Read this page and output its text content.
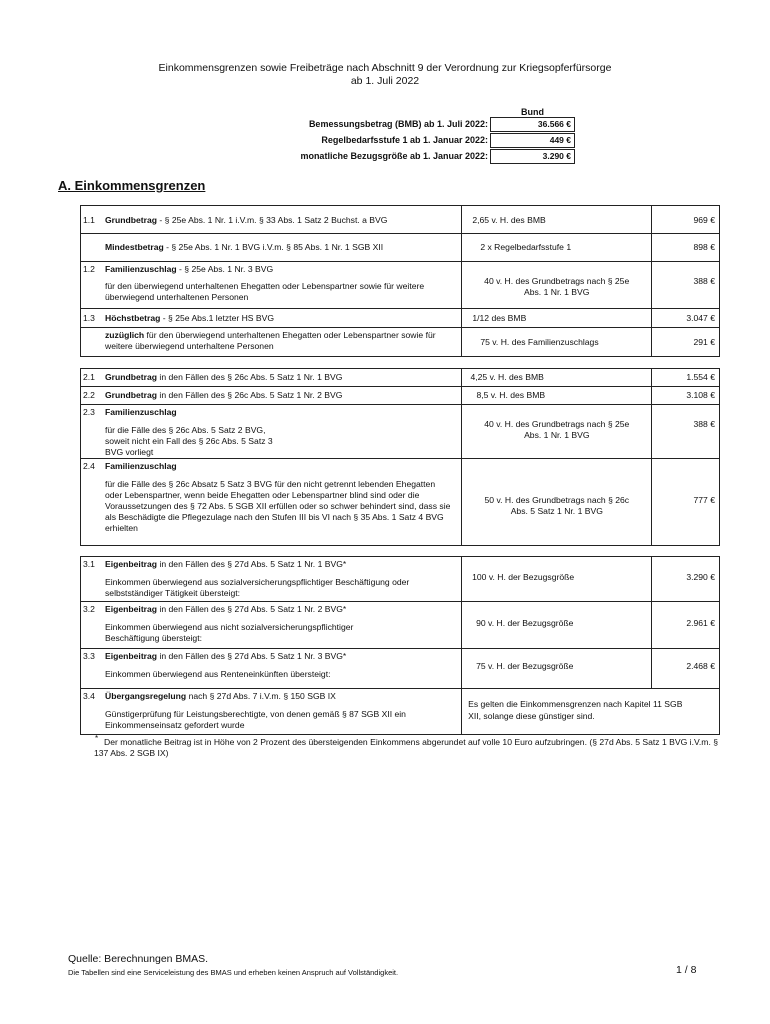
Einkommensgrenzen sowie Freibeträge nach Abschnitt 9 der Verordnung zur Kriegsopferfürsorge
ab 1. Juli 2022
Bund
Bemessungsbetrag (BMB) ab 1. Juli 2022:	36.566 €
Regelbedarfsstufe 1 ab 1. Januar 2022:	449 €
monatliche Bezugsgröße ab 1. Januar 2022:	3.290 €
A. Einkommensgrenzen
1.1 Grundbetrag - § 25e Abs. 1 Nr. 1 i.V.m. § 33 Abs. 1 Satz 2 Buchst. a BVG	2,65 v. H. des BMB	969 €

Mindestbetrag - § 25e Abs. 1 Nr. 1 BVG i.V.m. § 85 Abs. 1 Nr. 1 SGB XII	2 x Regelbedarfsstufe 1	898 €

1.2 Familienzuschlag - § 25e Abs. 1 Nr. 3 BVG
für den überwiegend unterhaltenen Ehegatten oder Lebenspartner sowie für weitere überwiegend unterhaltenen Personen	40 v. H. des Grundbetrags nach § 25e Abs. 1 Nr. 1 BVG	388 €

1.3 Höchstbetrag - § 25e Abs.1 letzter HS BVG	1/12 des BMB	3.047 €

zuzüglich für den überwiegend unterhaltenen Ehegatten oder Lebenspartner sowie für weitere überwiegend unterhaltene Personen	75 v. H. des Familienzuschlags	291 €
2.1 Grundbetrag in den Fällen des § 26c Abs. 5 Satz 1 Nr. 1 BVG	4,25 v. H. des BMB	1.554 €

2.2 Grundbetrag in den Fällen des § 26c Abs. 5 Satz 1 Nr. 2 BVG	8,5 v. H. des BMB	3.108 €

2.3 Familienzuschlag
für die Fälle des § 26c Abs. 5 Satz 2 BVG, soweit nicht ein Fall des § 26c Abs. 5 Satz 3 BVG vorliegt	40 v. H. des Grundbetrags nach § 25e Abs. 1 Nr. 1 BVG	388 €

2.4 Familienzuschlag
für die Fälle des § 26c Absatz 5 Satz 3 BVG für den nicht getrennt lebenden Ehegatten oder Lebenspartner, wenn beide Ehegatten oder Lebenspartner blind sind oder die Voraussetzungen des § 72 Abs. 5 SGB XII erfüllen oder so schwer behindert sind, dass sie als Beschädigte die Pflegezulage nach den Stufen III bis VI nach § 35 Abs. 1 Satz 4 BVG erhielten	50 v. H. des Grundbetrags nach § 26c Abs. 5 Satz 1 Nr. 1 BVG	777 €
3.1 Eigenbeitrag in den Fällen des § 27d Abs. 5 Satz 1 Nr. 1 BVG*
Einkommen überwiegend aus sozialversicherungspflichtiger Beschäftigung oder selbstständiger Tätigkeit übersteigt:	100 v. H. der Bezugsgröße	3.290 €

3.2 Eigenbeitrag in den Fällen des § 27d Abs. 5 Satz 1 Nr. 2 BVG*
Einkommen überwiegend aus nicht sozialversicherungspflichtiger Beschäftigung übersteigt:	90 v. H. der Bezugsgröße	2.961 €

3.3 Eigenbeitrag in den Fällen des § 27d Abs. 5 Satz 1 Nr. 3 BVG*
Einkommen überwiegend aus Renteneinkünften übersteigt:	75 v. H. der Bezugsgröße	2.468 €

3.4 Übergangsregelung nach § 27d Abs. 7 i.V.m. § 150 SGB IX
Günstigerprüfung für Leistungsberechtigte, von denen gemäß § 87 SGB XII ein Einkommenseinsatz gefordert wurde	Es gelten die Einkommensgrenzen nach Kapitel 11 SGB XII, solange diese günstiger sind.	
* Der monatliche Beitrag ist in Höhe von 2 Prozent des übersteigenden Einkommens abgerundet auf volle 10 Euro aufzubringen. (§ 27d Abs. 5 Satz 1 BVG i.V.m. § 137 Abs. 2 SGB IX)
Quelle: Berechnungen BMAS.
Die Tabellen sind eine Serviceleistung des BMAS und erheben keinen Anspruch auf Vollständigkeit.	1 / 8
